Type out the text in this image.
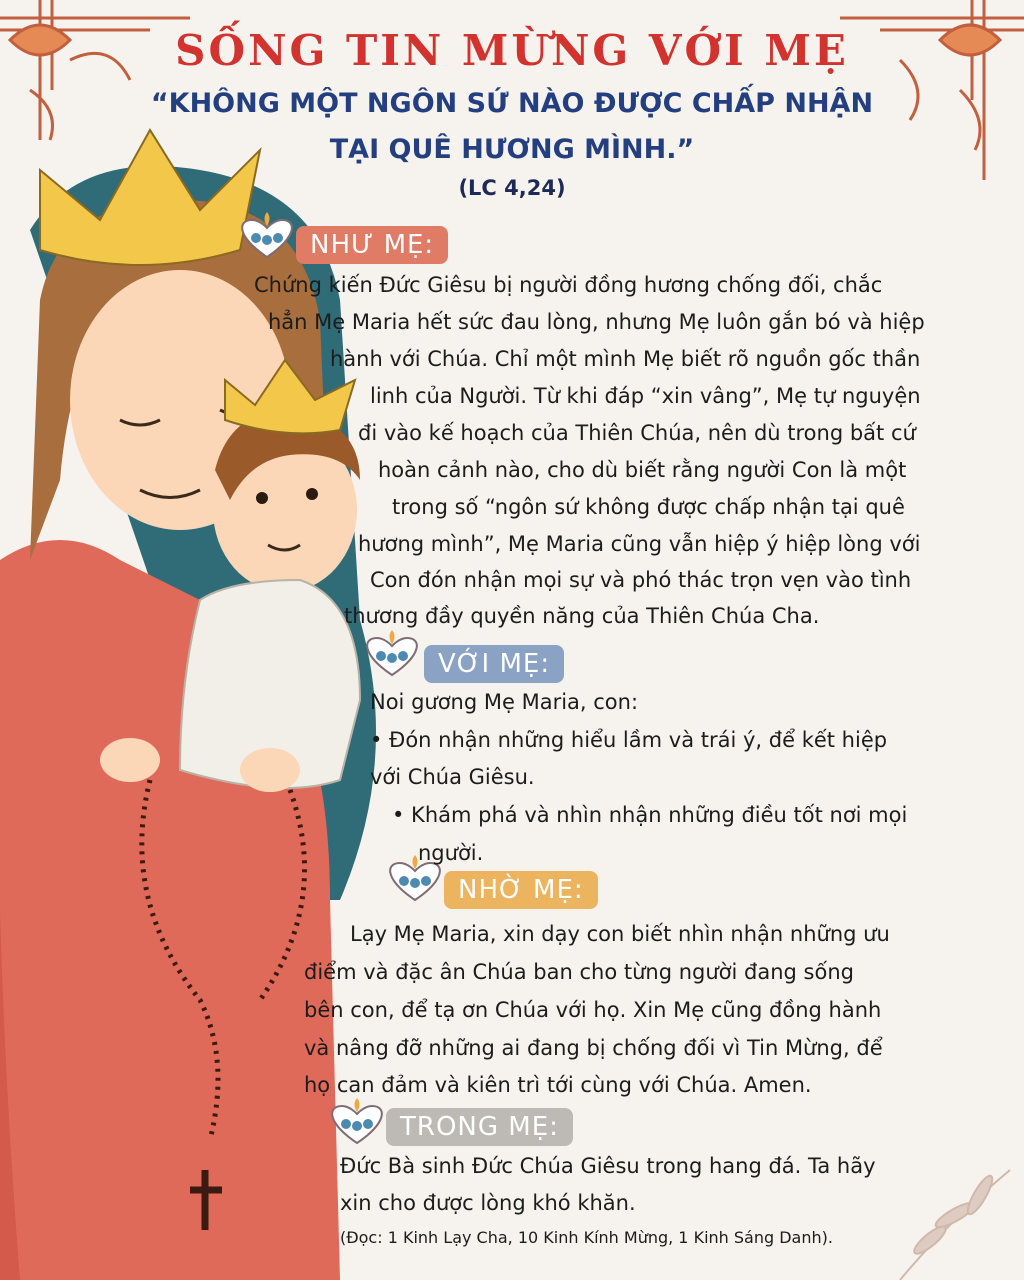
SỐNG TIN MỪNG VỚI MẸ
“KHÔNG MỘT NGÔN SỨ NÀO ĐƯỢC CHẤP NHẬN
TẠI QUÊ HƯƠNG MÌNH.”
(LC 4,24)
NHƯ MẸ:
Chứng kiến Đức Giêsu bị người đồng hương chống đối, chắc
hẳn Mẹ Maria hết sức đau lòng, nhưng Mẹ luôn gắn bó và hiệp
hành với Chúa. Chỉ một mình Mẹ biết rõ nguồn gốc thần
linh của Người. Từ khi đáp “xin vâng”, Mẹ tự nguyện
đi vào kế hoạch của Thiên Chúa, nên dù trong bất cứ
hoàn cảnh nào, cho dù biết rằng người Con là một
trong số “ngôn sứ không được chấp nhận tại quê
hương mình”, Mẹ Maria cũng vẫn hiệp ý hiệp lòng với
Con đón nhận mọi sự và phó thác trọn vẹn vào tình
thương đầy quyền năng của Thiên Chúa Cha.
VỚI MẸ:
Noi gương Mẹ Maria, con:
• Đón nhận những hiểu lầm và trái ý, để kết hiệp
với Chúa Giêsu.
• Khám phá và nhìn nhận những điều tốt nơi mọi
người.
NHỜ MẸ:
Lạy Mẹ Maria, xin dạy con biết nhìn nhận những ưu
điểm và đặc ân Chúa ban cho từng người đang sống
bên con, để tạ ơn Chúa với họ. Xin Mẹ cũng đồng hành
và nâng đỡ những ai đang bị chống đối vì Tin Mừng, để
họ can đảm và kiên trì tới cùng với Chúa. Amen.
TRONG MẸ:
Đức Bà sinh Đức Chúa Giêsu trong hang đá. Ta hãy
xin cho được lòng khó khăn.
(Đọc: 1 Kinh Lạy Cha, 10 Kinh Kính Mừng, 1 Kinh Sáng Danh).
